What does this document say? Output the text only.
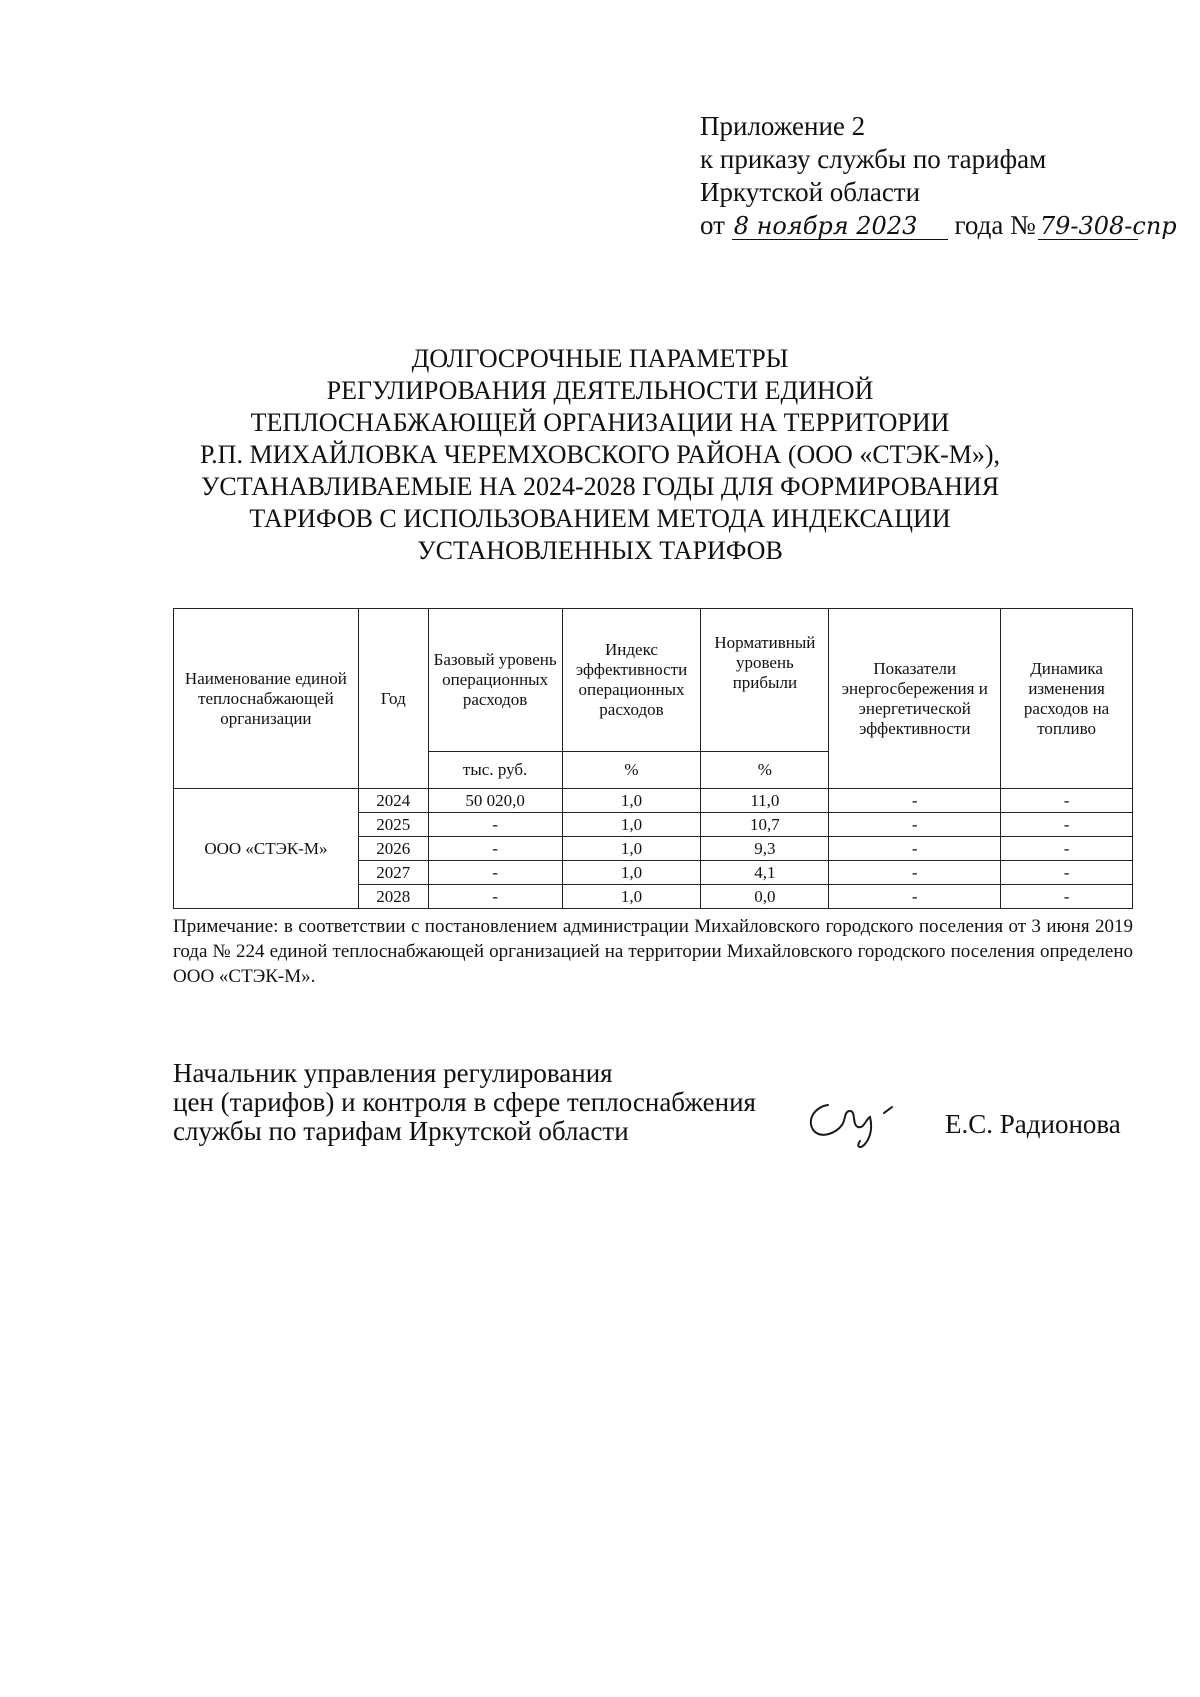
Приложение 2
к приказу службы по тарифам
Иркутской области
от 8 ноября 2023 года № 79-308-спр
ДОЛГОСРОЧНЫЕ ПАРАМЕТРЫ
РЕГУЛИРОВАНИЯ ДЕЯТЕЛЬНОСТИ ЕДИНОЙ
ТЕПЛОСНАБЖАЮЩЕЙ ОРГАНИЗАЦИИ НА ТЕРРИТОРИИ
Р.П. МИХАЙЛОВКА ЧЕРЕМХОВСКОГО РАЙОНА (ООО «СТЭК-М»),
УСТАНАВЛИВАЕМЫЕ НА 2024-2028 ГОДЫ ДЛЯ ФОРМИРОВАНИЯ
ТАРИФОВ С ИСПОЛЬЗОВАНИЕМ МЕТОДА ИНДЕКСАЦИИ
УСТАНОВЛЕННЫХ ТАРИФОВ
Наименование единой теплоснабжающей организации	Год	Базовый уровень операционных расходов	Индекс эффективности операционных расходов	Нормативный уровень прибыли	Показатели энергосбережения и энергетической эффективности	Динамика изменения расходов на топливо
		тыс. руб.	%	%		
ООО «СТЭК-М»	2024	50 020,0	1,0	11,0	-	-
	2025	-	1,0	10,7	-	-
	2026	-	1,0	9,3	-	-
	2027	-	1,0	4,1	-	-
	2028	-	1,0	0,0	-	-
Примечание: в соответствии с постановлением администрации Михайловского городского поселения от 3 июня 2019 года № 224 единой теплоснабжающей организацией на территории Михайловского городского поселения определено ООО «СТЭК-М».
Начальник управления регулирования
цен (тарифов) и контроля в сфере теплоснабжения
службы по тарифам Иркутской области	Е.С. Радионова
